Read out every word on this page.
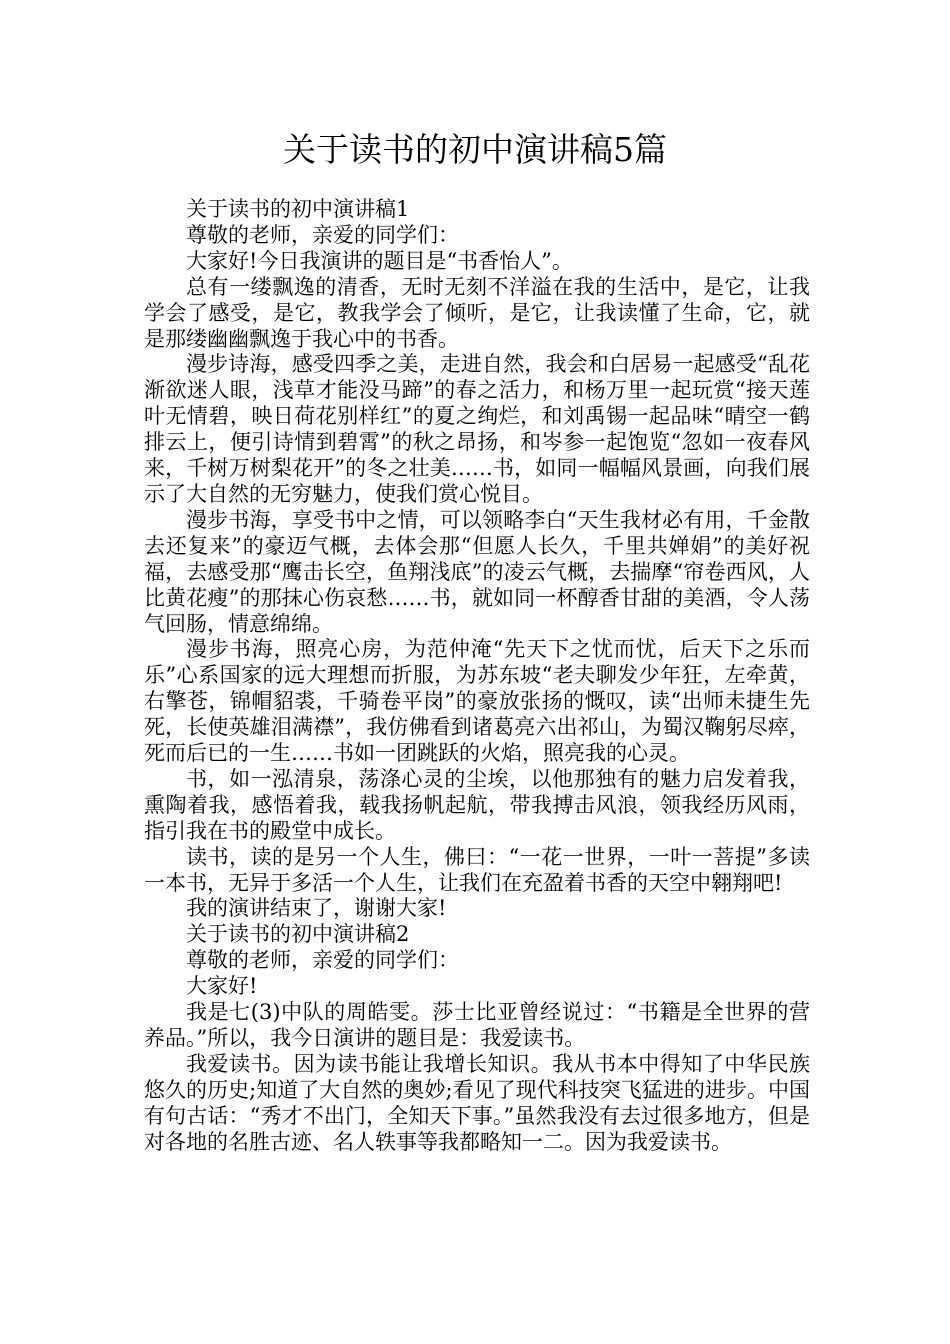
关于读书的初中演讲稿5篇

关于读书的初中演讲稿1

尊敬的老师，亲爱的同学们：

大家好!今日我演讲的题目是“书香怡人”。

总有一缕飘逸的清香，无时无刻不洋溢在我的生活中，是它，让我学会了感受，是它，教我学会了倾听，是它，让我读懂了生命，它，就是那缕幽幽飘逸于我心中的书香。

漫步诗海，感受四季之美，走进自然，我会和白居易一起感受“乱花渐欲迷人眼，浅草才能没马蹄”的春之活力，和杨万里一起玩赏“接天莲叶无情碧，映日荷花别样红”的夏之绚烂，和刘禹锡一起品味“晴空一鹤排云上，便引诗情到碧霄”的秋之昂扬，和岑参一起饱览“忽如一夜春风来，千树万树梨花开”的冬之壮美……书，如同一幅幅风景画，向我们展示了大自然的无穷魅力，使我们赏心悦目。

漫步书海，享受书中之情，可以领略李白“天生我材必有用，千金散去还复来”的豪迈气概，去体会那“但愿人长久，千里共婵娟”的美好祝福，去感受那“鹰击长空，鱼翔浅底”的凌云气概，去揣摩“帘卷西风，人比黄花瘦”的那抹心伤哀愁……书，就如同一杯醇香甘甜的美酒，令人荡气回肠，情意绵绵。

漫步书海，照亮心房，为范仲淹“先天下之忧而忧，后天下之乐而乐”心系国家的远大理想而折服，为苏东坡“老夫聊发少年狂，左牵黄，右擎苍，锦帽貂裘，千骑卷平岗”的豪放张扬的慨叹，读“出师未捷生先死，长使英雄泪满襟”，我仿佛看到诸葛亮六出祁山，为蜀汉鞠躬尽瘁，死而后已的一生……书如一团跳跃的火焰，照亮我的心灵。

书，如一泓清泉，荡涤心灵的尘埃，以他那独有的魅力启发着我，熏陶着我，感悟着我，载我扬帆起航，带我搏击风浪，领我经历风雨，指引我在书的殿堂中成长。

读书，读的是另一个人生，佛曰：“一花一世界，一叶一菩提”多读一本书，无异于多活一个人生，让我们在充盈着书香的天空中翱翔吧!

我的演讲结束了，谢谢大家!

关于读书的初中演讲稿2

尊敬的老师，亲爱的同学们：

大家好!

我是七(3)中队的周皓雯。莎士比亚曾经说过：“书籍是全世界的营养品。”所以，我今日演讲的题目是：我爱读书。

我爱读书。因为读书能让我增长知识。我从书本中得知了中华民族悠久的历史;知道了大自然的奥妙;看见了现代科技突飞猛进的进步。中国有句古话：“秀才不出门，全知天下事。”虽然我没有去过很多地方，但是对各地的名胜古迹、名人轶事等我都略知一二。因为我爱读书。
